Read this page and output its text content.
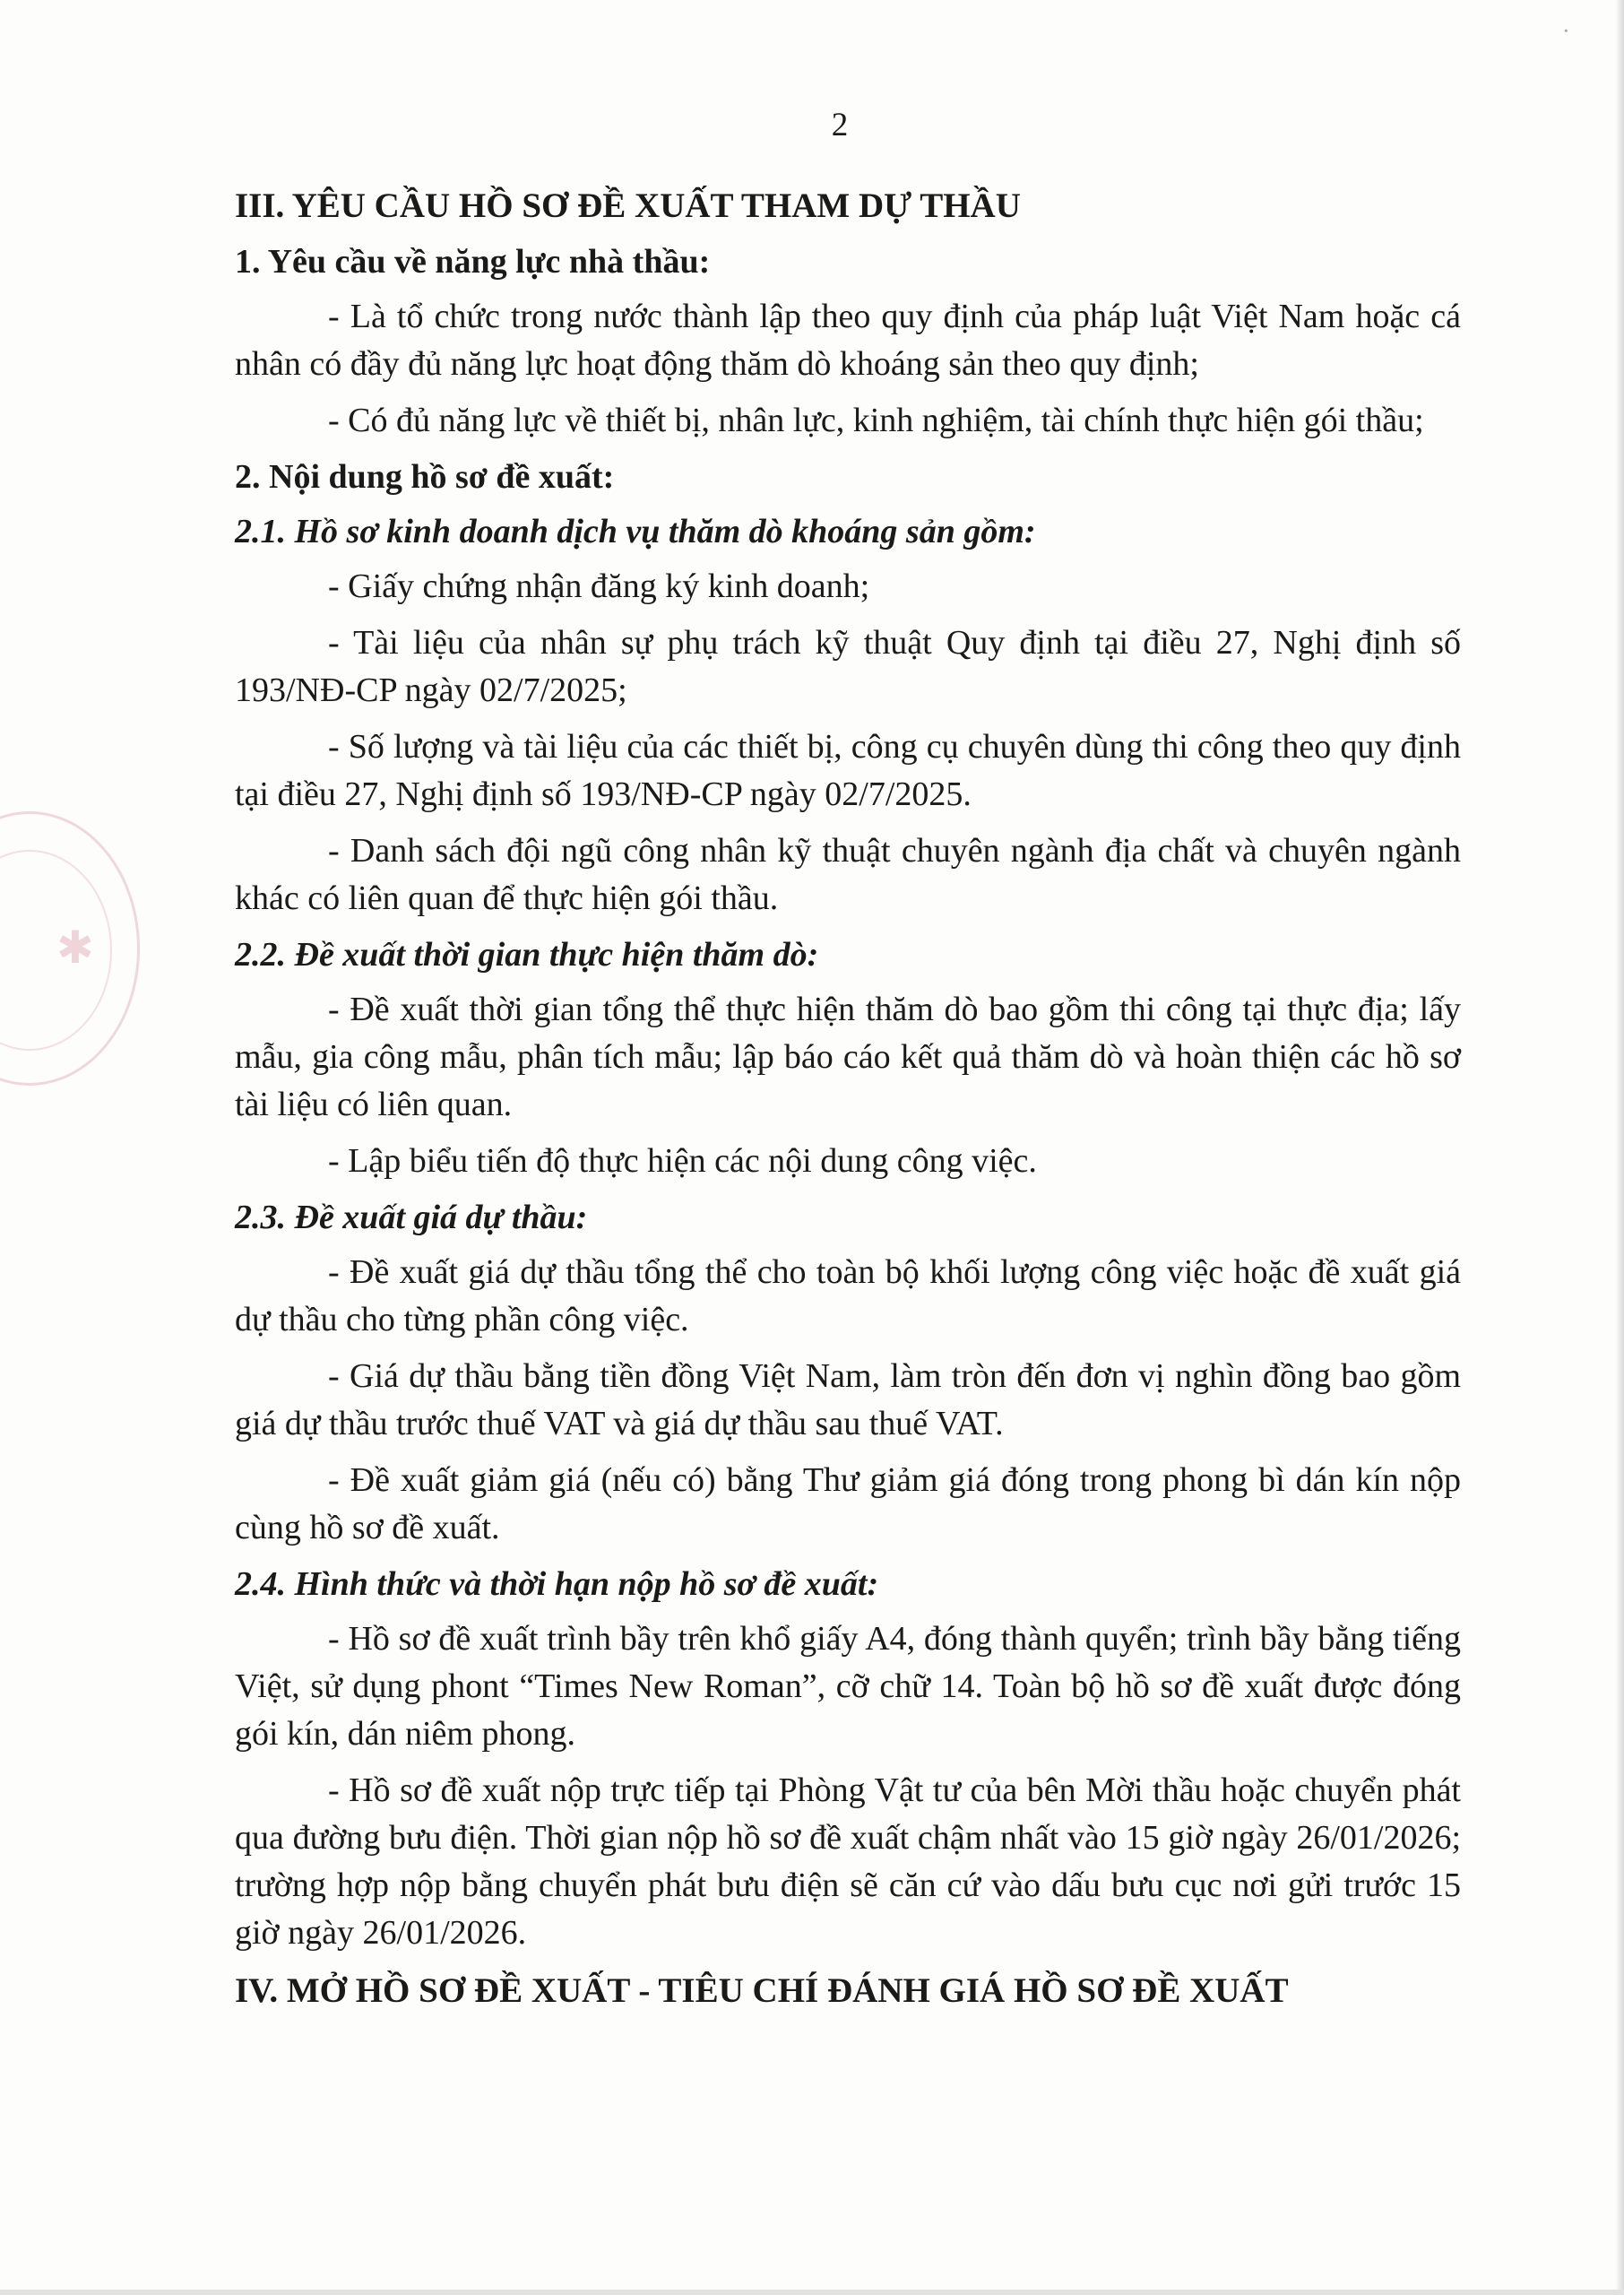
·
✱
2
III. YÊU CẦU HỒ SƠ ĐỀ XUẤT THAM DỰ THẦU
1. Yêu cầu về năng lực nhà thầu:

- Là tổ chức trong nước thành lập theo quy định của pháp luật Việt Nam hoặc cá nhân có đầy đủ năng lực hoạt động thăm dò khoáng sản theo quy định;

- Có đủ năng lực về thiết bị, nhân lực, kinh nghiệm, tài chính thực hiện gói thầu;

2. Nội dung hồ sơ đề xuất:
2.1. Hồ sơ kinh doanh dịch vụ thăm dò khoáng sản gồm:

- Giấy chứng nhận đăng ký kinh doanh;

- Tài liệu của nhân sự phụ trách kỹ thuật Quy định tại điều 27, Nghị định số 193/NĐ-CP ngày 02/7/2025;

- Số lượng và tài liệu của các thiết bị, công cụ chuyên dùng thi công theo quy định tại điều 27, Nghị định số 193/NĐ-CP ngày 02/7/2025.

- Danh sách đội ngũ công nhân kỹ thuật chuyên ngành địa chất và chuyên ngành khác có liên quan để thực hiện gói thầu.

2.2. Đề xuất thời gian thực hiện thăm dò:

- Đề xuất thời gian tổng thể thực hiện thăm dò bao gồm thi công tại thực địa; lấy mẫu, gia công mẫu, phân tích mẫu; lập báo cáo kết quả thăm dò và hoàn thiện các hồ sơ tài liệu có liên quan.

- Lập biểu tiến độ thực hiện các nội dung công việc.

2.3. Đề xuất giá dự thầu:

- Đề xuất giá dự thầu tổng thể cho toàn bộ khối lượng công việc hoặc đề xuất giá dự thầu cho từng phần công việc.

- Giá dự thầu bằng tiền đồng Việt Nam, làm tròn đến đơn vị nghìn đồng bao gồm giá dự thầu trước thuế VAT và giá dự thầu sau thuế VAT.

- Đề xuất giảm giá (nếu có) bằng Thư giảm giá đóng trong phong bì dán kín nộp cùng hồ sơ đề xuất.

2.4. Hình thức và thời hạn nộp hồ sơ đề xuất:

- Hồ sơ đề xuất trình bầy trên khổ giấy A4, đóng thành quyển; trình bầy bằng tiếng Việt, sử dụng phont “Times New Roman”, cỡ chữ 14. Toàn bộ hồ sơ đề xuất được đóng gói kín, dán niêm phong.

- Hồ sơ đề xuất nộp trực tiếp tại Phòng Vật tư của bên Mời thầu hoặc chuyển phát qua đường bưu điện. Thời gian nộp hồ sơ đề xuất chậm nhất vào 15 giờ ngày 26/01/2026; trường hợp nộp bằng chuyển phát bưu điện sẽ căn cứ vào dấu bưu cục nơi gửi trước 15 giờ ngày 26/01/2026.

IV. MỞ HỒ SƠ ĐỀ XUẤT - TIÊU CHÍ ĐÁNH GIÁ HỒ SƠ ĐỀ XUẤT
